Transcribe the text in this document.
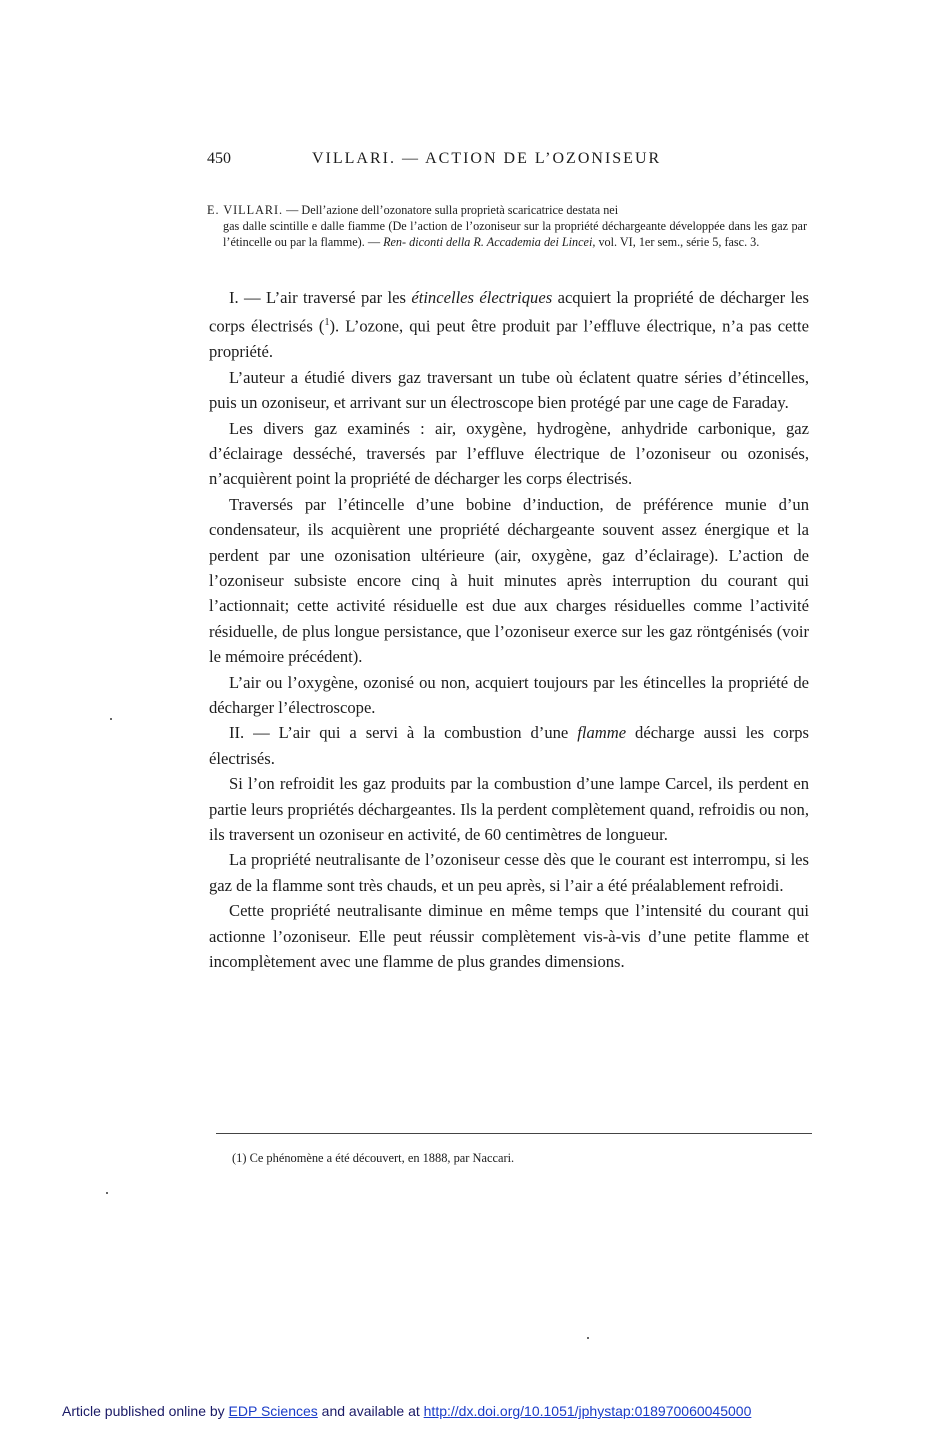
450	VILLARI. — ACTION DE L’OZONISEUR
E. VILLARI. — Dell’azione dell’ozonatore sulla proprietà scaricatrice destata nei
gas dalle scintille e dalle fiamme (De l’action de l’ozoniseur sur la propriété déchargeante développée dans les gaz par l’étincelle ou par la flamme). — Ren- diconti della R. Accademia dei Lincei, vol. VI, 1er sem., série 5, fasc. 3.

I. — L’air traversé par les étincelles électriques acquiert la propriété de décharger les corps électrisés ($^1$). L’ozone, qui peut être produit par l’effluve électrique, n’a pas cette propriété.

L’auteur a étudié divers gaz traversant un tube où éclatent quatre séries d’étincelles, puis un ozoniseur, et arrivant sur un électroscope bien protégé par une cage de Faraday.

Les divers gaz examinés : air, oxygène, hydrogène, anhydride carbonique, gaz d’éclairage desséché, traversés par l’effluve électrique de l’ozoniseur ou ozonisés, n’acquièrent point la propriété de décharger les corps électrisés.

Traversés par l’étincelle d’une bobine d’induction, de préférence munie d’un condensateur, ils acquièrent une propriété déchargeante souvent assez énergique et la perdent par une ozonisation ultérieure (air, oxygène, gaz d’éclairage). L’action de l’ozoniseur subsiste encore cinq à huit minutes après interruption du courant qui l’actionnait; cette activité résiduelle est due aux charges résiduelles comme l’activité résiduelle, de plus longue persistance, que l’ozoniseur exerce sur les gaz röntgénisés (voir le mémoire précédent).

L’air ou l’oxygène, ozonisé ou non, acquiert toujours par les étincelles la propriété de décharger l’électroscope.

II. — L’air qui a servi à la combustion d’une flamme décharge aussi les corps électrisés.

Si l’on refroidit les gaz produits par la combustion d’une lampe Carcel, ils perdent en partie leurs propriétés déchargeantes. Ils la perdent complètement quand, refroidis ou non, ils traversent un ozoniseur en activité, de 60 centimètres de longueur.

La propriété neutralisante de l’ozoniseur cesse dès que le courant est interrompu, si les gaz de la flamme sont très chauds, et un peu après, si l’air a été préalablement refroidi.

Cette propriété neutralisante diminue en même temps que l’intensité du courant qui actionne l’ozoniseur. Elle peut réussir complètement vis-à-vis d’une petite flamme et incomplètement avec une flamme de plus grandes dimensions.

(1) Ce phénomène a été découvert, en 1888, par Naccari.
Article published online by EDP Sciences and available at http://dx.doi.org/10.1051/jphystap:018970060045000
